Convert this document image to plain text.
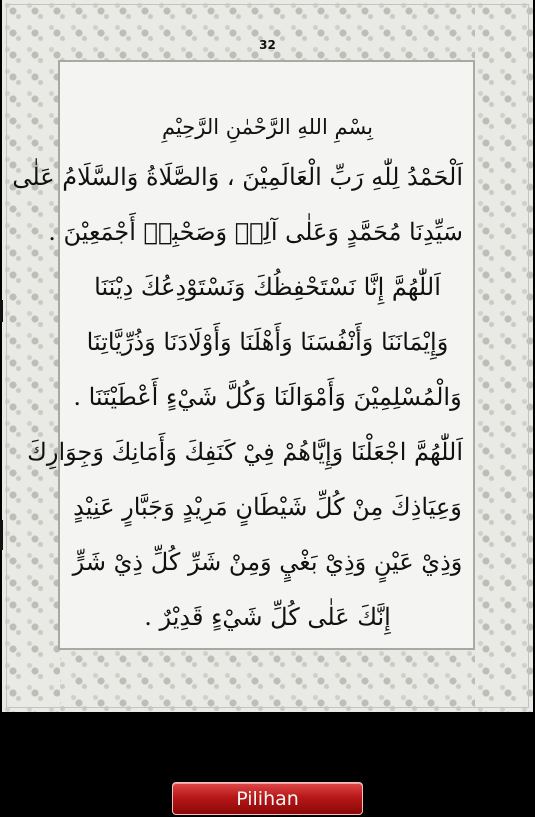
32

بِسْمِ اللهِ الرَّحْمٰنِ الرَّحِيْمِ

اَلْحَمْدُ لِلّٰهِ رَبِّ الْعَالَمِيْنَ ، وَالصَّلَاةُ وَالسَّلَامُ عَلٰى

سَيِّدِنَا مُحَمَّدٍ وَعَلٰى آلِهٖ وَصَحْبِهٖ أَجْمَعِيْنَ .

اَللّٰهُمَّ إِنَّا نَسْتَحْفِظُكَ وَنَسْتَوْدِعُكَ دِيْنَنَا

وَإِيْمَانَنَا وَأَنْفُسَنَا وَأَهْلَنَا وَأَوْلَادَنَا وَذُرِّيَّاتِنَا

وَالْمُسْلِمِيْنَ وَأَمْوَالَنَا وَكُلَّ شَيْءٍ أَعْطَيْتَنَا .

اَللّٰهُمَّ اجْعَلْنَا وَإِيَّاهُمْ فِيْ كَنَفِكَ وَأَمَانِكَ وَجِوَارِكَ

وَعِيَاذِكَ مِنْ كُلِّ شَيْطَانٍ مَرِيْدٍ وَجَبَّارٍ عَنِيْدٍ

وَذِيْ عَيْنٍ وَذِيْ بَغْيٍ وَمِنْ شَرِّ كُلِّ ذِيْ شَرٍّ

إِنَّكَ عَلٰى كُلِّ شَيْءٍ قَدِيْرٌ .

Pilihan
